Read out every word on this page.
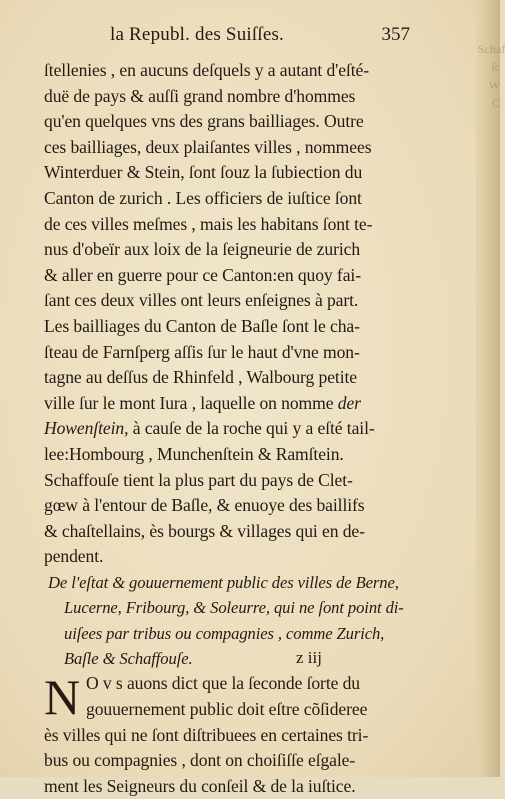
Schaf
ſc
W
C
la Republ. des Suiſſes.	357
ſtellenies , en aucuns deſquels y a autant d'eſté-
duë de pays & auſſi grand nombre d'hommes
qu'en quelques vns des grans bailliages. Outre
ces bailliages, deux plaiſantes villes , nommees
Winterduer & Stein, ſont ſouz la ſubiection du
Canton de zurich . Les officiers de iuſtice ſont
de ces villes meſmes , mais les habitans ſont te-
nus d'obeïr aux loix de la ſeigneurie de zurich
& aller en guerre pour ce Canton:en quoy fai-
ſant ces deux villes ont leurs enſeignes à part.
Les bailliages du Canton de Baſle ſont le cha-
ſteau de Farnſperg aſſis ſur le haut d'vne mon-
tagne au deſſus de Rhinfeld , Walbourg petite
ville ſur le mont Iura , laquelle on nomme der
Howenſtein, à cauſe de la roche qui y a eſté tail-
lee:Hombourg , Munchenſtein & Ramſtein.
Schaffouſe tient la plus part du pays de Clet-
gœw à l'entour de Baſle, & enuoye des baillifs
& chaſtellains, ès bourgs & villages qui en de-
pendent.
De l'eſtat & gouuernement public des villes de Berne,
Lucerne, Fribourg, & Soleurre, qui ne ſont point di-
uiſees par tribus ou compagnies , comme Zurich,
Baſle & Schaffouſe.
N O v s auons dict que la ſeconde ſorte du
gouuernement public doit eſtre cõſideree
ès villes qui ne ſont diſtribuees en certaines tri-
bus ou compagnies , dont on choiſiſſe eſgale-
ment les Seigneurs du conſeil & de la iuſtice.
z iij
